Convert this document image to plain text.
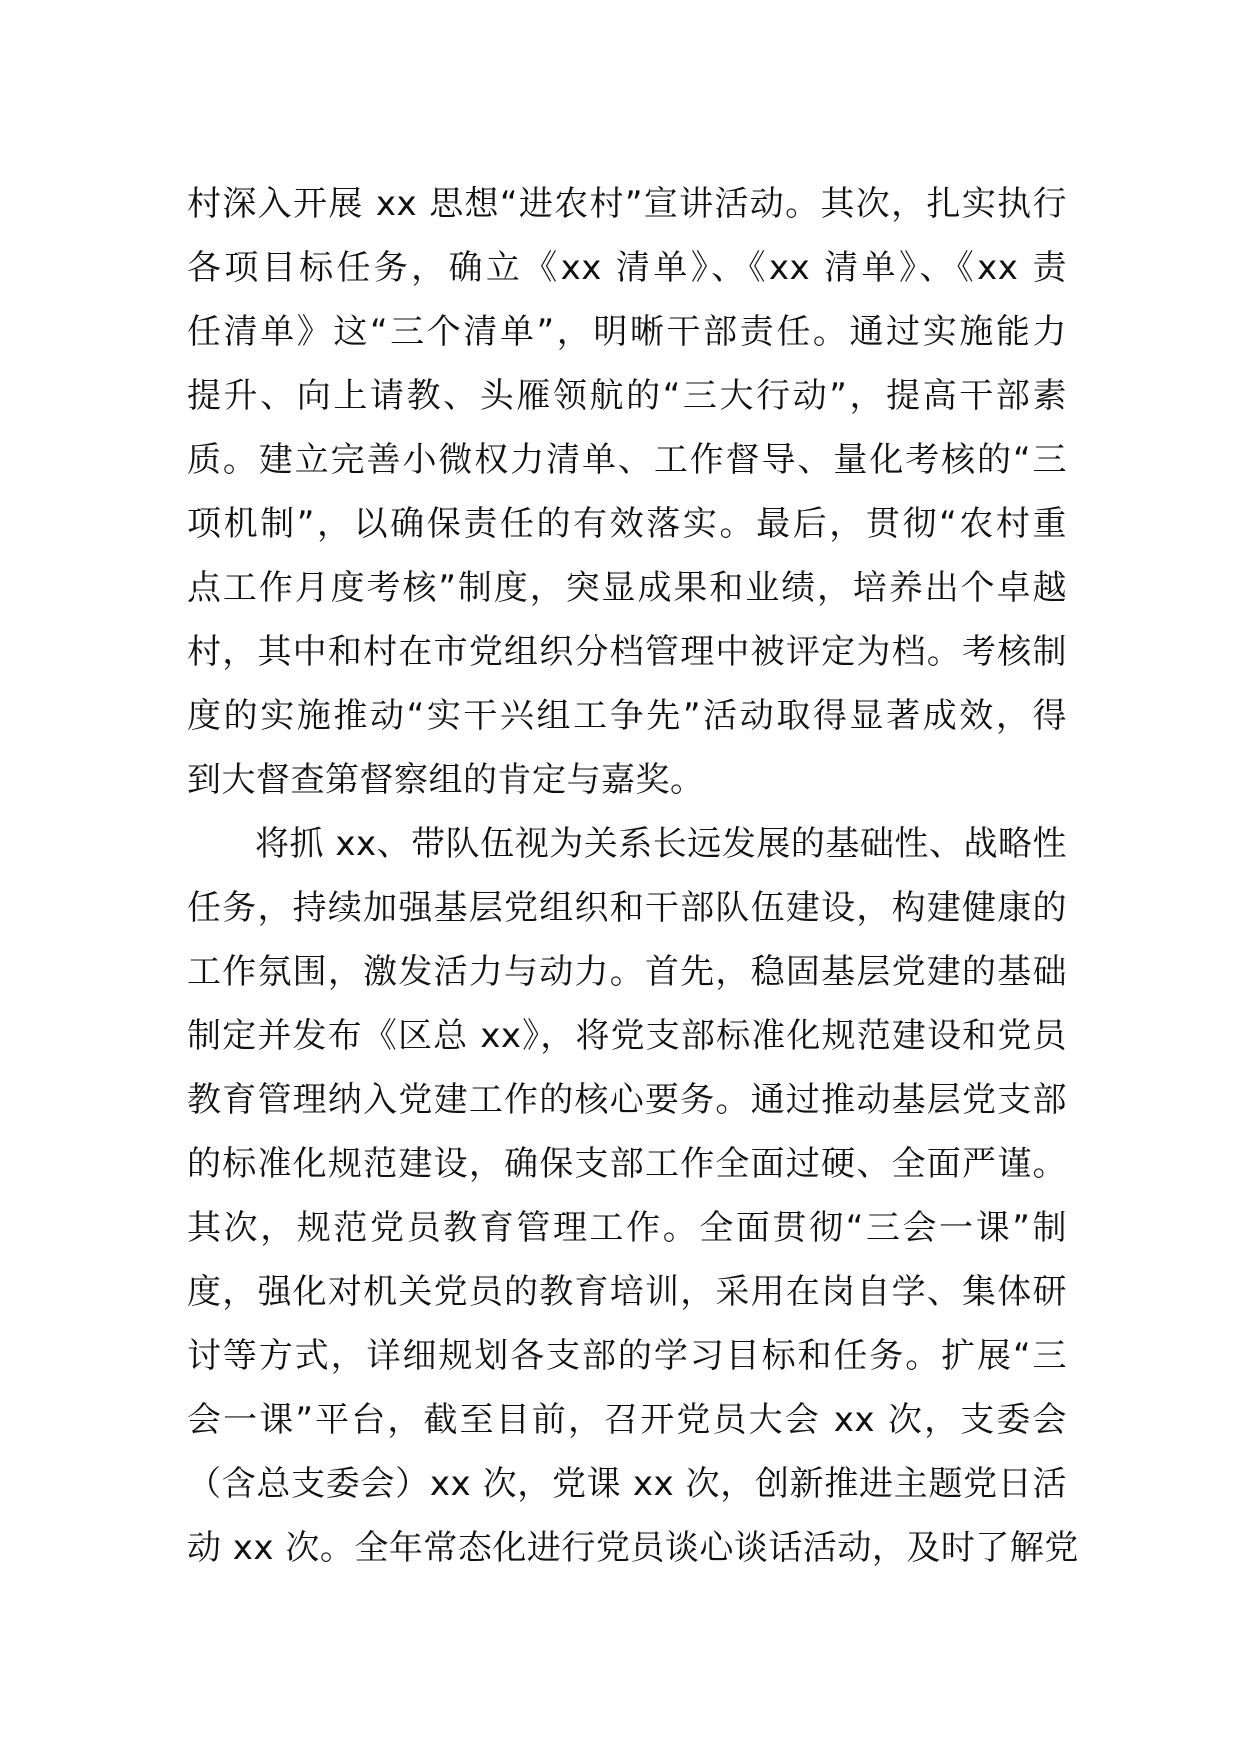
村深入开展 xx 思想“进农村”宣讲活动。其次，扎实执行
各项目标任务，确立《xx 清单》、《xx 清单》、《xx 责
任清单》这“三个清单”，明晰干部责任。通过实施能力
提升、向上请教、头雁领航的“三大行动”，提高干部素
质。建立完善小微权力清单、工作督导、量化考核的“三
项机制”，以确保责任的有效落实。最后，贯彻“农村重
点工作月度考核”制度，突显成果和业绩，培养出个卓越
村，其中和村在市党组织分档管理中被评定为档。考核制
度的实施推动“实干兴组工争先”活动取得显著成效，得
到大督查第督察组的肯定与嘉奖。
将抓 xx、带队伍视为关系长远发展的基础性、战略性
任务，持续加强基层党组织和干部队伍建设，构建健康的
工作氛围，激发活力与动力。首先，稳固基层党建的基础
制定并发布《区总 xx》，将党支部标准化规范建设和党员
教育管理纳入党建工作的核心要务。通过推动基层党支部
的标准化规范建设，确保支部工作全面过硬、全面严谨。
其次，规范党员教育管理工作。全面贯彻“三会一课”制
度，强化对机关党员的教育培训，采用在岗自学、集体研
讨等方式，详细规划各支部的学习目标和任务。扩展“三
会一课”平台，截至目前，召开党员大会 xx 次，支委会
（含总支委会）xx 次，党课 xx 次，创新推进主题党日活
动 xx 次。全年常态化进行党员谈心谈话活动，及时了解党
